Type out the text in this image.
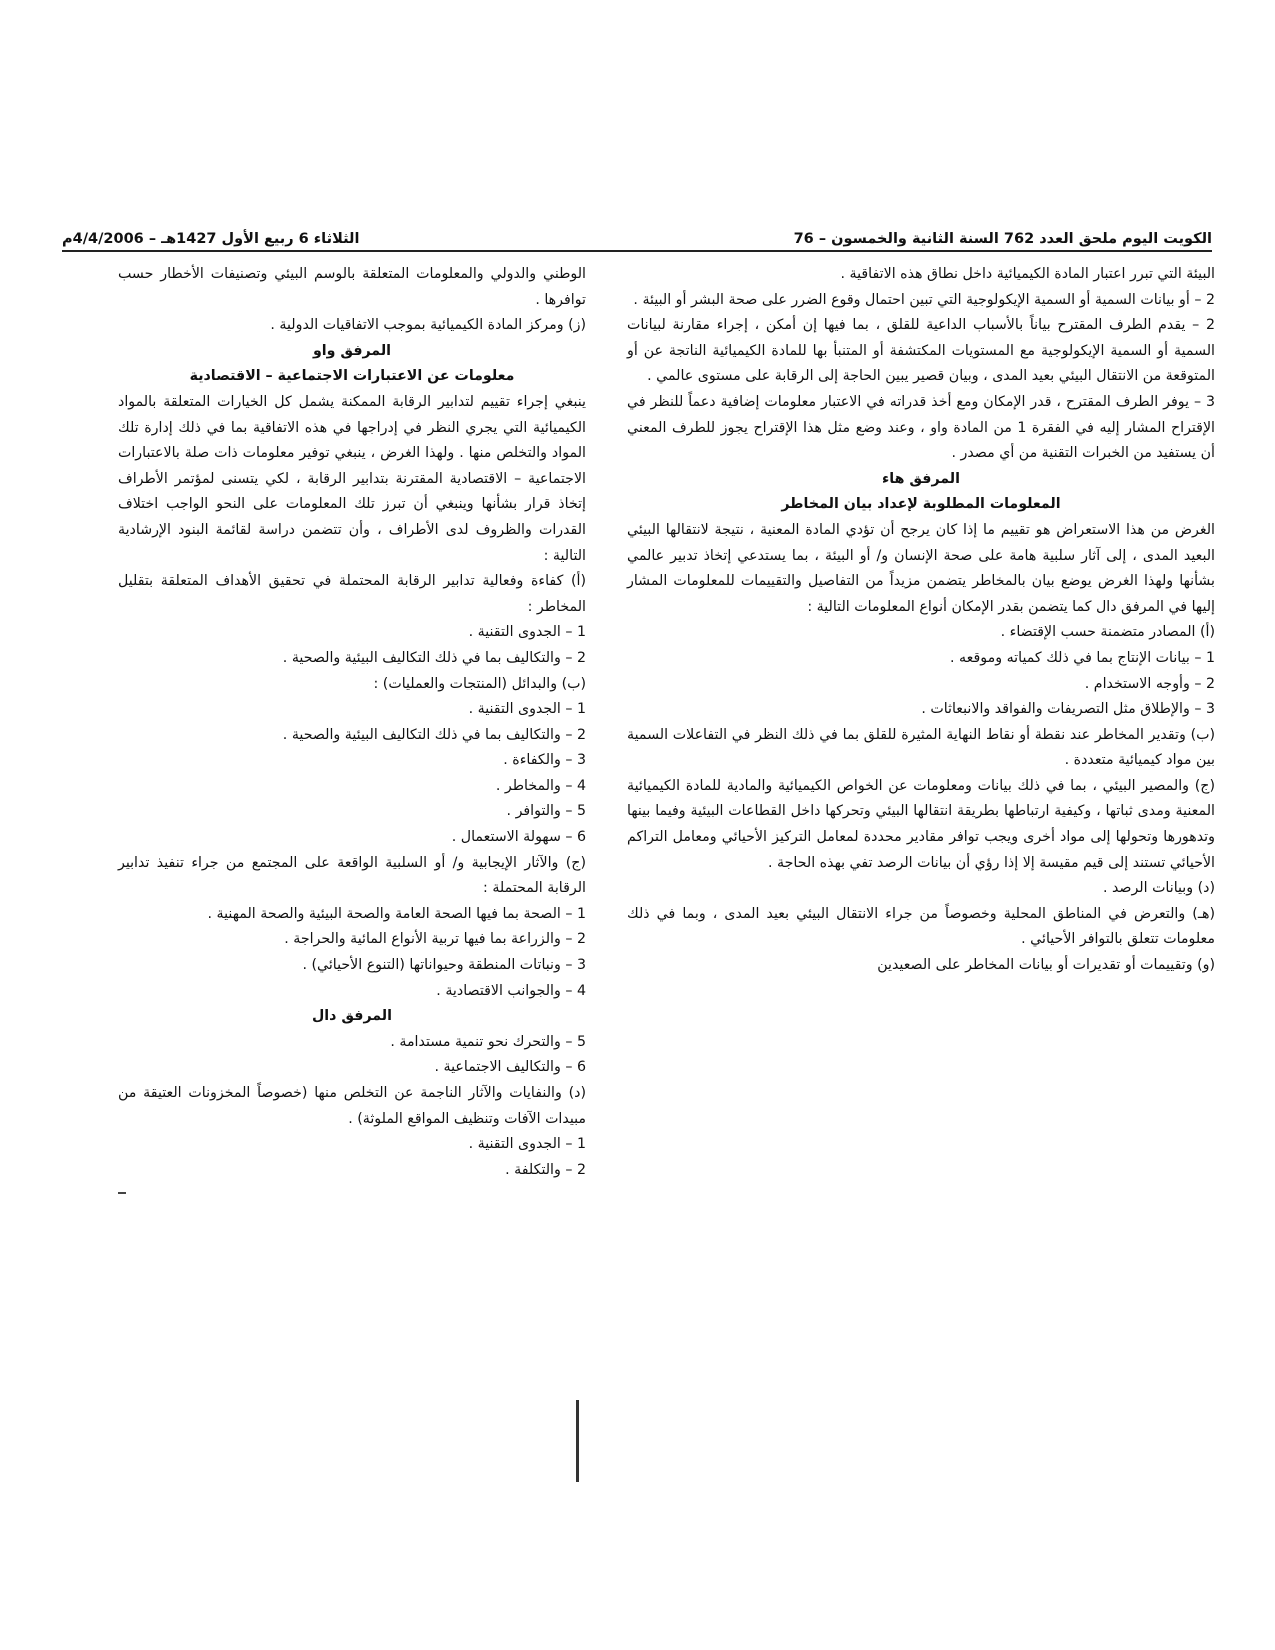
الكويت اليوم ملحق العدد 762 السنة الثانية والخمسون – 76
الثلاثاء 6 ربيع الأول 1427هـ – 4/4/2006م

البيئة التي تبرر اعتبار المادة الكيميائية داخل نطاق هذه الاتفاقية .

2 – أو بيانات السمية أو السمية الإيكولوجية التي تبين احتمال وقوع الضرر على صحة البشر أو البيئة .

2 – يقدم الطرف المقترح بياناً بالأسباب الداعية للقلق ، بما فيها إن أمكن ، إجراء مقارنة لبيانات السمية أو السمية الإيكولوجية مع المستويات المكتشفة أو المتنبأ بها للمادة الكيميائية الناتجة عن أو المتوقعة من الانتقال البيئي بعيد المدى ، وبيان قصير يبين الحاجة إلى الرقابة على مستوى عالمي .

3 – يوفر الطرف المقترح ، قدر الإمكان ومع أخذ قدراته في الاعتبار معلومات إضافية دعماً للنظر في الإقتراح المشار إليه في الفقرة 1 من المادة واو ، وعند وضع مثل هذا الإقتراح يجوز للطرف المعني أن يستفيد من الخبرات التقنية من أي مصدر .

المرفق هاء

المعلومات المطلوبة لإعداد بيان المخاطر

الغرض من هذا الاستعراض هو تقييم ما إذا كان يرجح أن تؤدي المادة المعنية ، نتيجة لانتقالها البيئي البعيد المدى ، إلى آثار سلبية هامة على صحة الإنسان و/ أو البيئة ، بما يستدعي إتخاذ تدبير عالمي بشأنها ولهذا الغرض يوضع بيان بالمخاطر يتضمن مزيداً من التفاصيل والتقييمات للمعلومات المشار إليها في المرفق دال كما يتضمن بقدر الإمكان أنواع المعلومات التالية :

(أ) المصادر متضمنة حسب الإقتضاء .

1 – بيانات الإنتاج بما في ذلك كمياته وموقعه .

2 – وأوجه الاستخدام .

3 – والإطلاق مثل التصريفات والفواقد والانبعاثات .

(ب) وتقدير المخاطر عند نقطة أو نقاط النهاية المثيرة للقلق بما في ذلك النظر في التفاعلات السمية بين مواد كيميائية متعددة .

(ج) والمصير البيئي ، بما في ذلك بيانات ومعلومات عن الخواص الكيميائية والمادية للمادة الكيميائية المعنية ومدى ثباتها ، وكيفية ارتباطها بطريقة انتقالها البيئي وتحركها داخل القطاعات البيئية وفيما بينها وتدهورها وتحولها إلى مواد أخرى ويجب توافر مقادير محددة لمعامل التركيز الأحيائي ومعامل التراكم الأحيائي تستند إلى قيم مقيسة إلا إذا رؤي أن بيانات الرصد تفي بهذه الحاجة .

(د) وبيانات الرصد .

(هـ) والتعرض في المناطق المحلية وخصوصاً من جراء الانتقال البيئي بعيد المدى ، وبما في ذلك معلومات تتعلق بالتوافر الأحيائي .

(و) وتقييمات أو تقديرات أو بيانات المخاطر على الصعيدين

الوطني والدولي والمعلومات المتعلقة بالوسم البيئي وتصنيفات الأخطار حسب توافرها .

(ز) ومركز المادة الكيميائية بموجب الاتفاقيات الدولية .

المرفق واو

معلومات عن الاعتبارات الاجتماعية – الاقتصادية

ينبغي إجراء تقييم لتدابير الرقابة الممكنة يشمل كل الخيارات المتعلقة بالمواد الكيميائية التي يجري النظر في إدراجها في هذه الاتفاقية بما في ذلك إدارة تلك المواد والتخلص منها . ولهذا الغرض ، ينبغي توفير معلومات ذات صلة بالاعتبارات الاجتماعية – الاقتصادية المقترنة بتدابير الرقابة ، لكي يتسنى لمؤتمر الأطراف إتخاذ قرار بشأنها وينبغي أن تبرز تلك المعلومات على النحو الواجب اختلاف القدرات والظروف لدى الأطراف ، وأن تتضمن دراسة لقائمة البنود الإرشادية التالية :

(أ) كفاءة وفعالية تدابير الرقابة المحتملة في تحقيق الأهداف المتعلقة بتقليل المخاطر :

1 – الجدوى التقنية .

2 – والتكاليف بما في ذلك التكاليف البيئية والصحية .

(ب) والبدائل (المنتجات والعمليات) :

1 – الجدوى التقنية .

2 – والتكاليف بما في ذلك التكاليف البيئية والصحية .

3 – والكفاءة .

4 – والمخاطر .

5 – والتوافر .

6 – سهولة الاستعمال .

(ج) والآثار الإيجابية و/ أو السلبية الواقعة على المجتمع من جراء تنفيذ تدابير الرقابة المحتملة :

1 – الصحة بما فيها الصحة العامة والصحة البيئية والصحة المهنية .

2 – والزراعة بما فيها تربية الأنواع المائية والحراجة .

3 – ونباتات المنطقة وحيواناتها (التنوع الأحيائي) .

4 – والجوانب الاقتصادية .

المرفق دال

5 – والتحرك نحو تنمية مستدامة .

6 – والتكاليف الاجتماعية .

(د) والنفايات والآثار الناجمة عن التخلص منها (خصوصاً المخزونات العتيقة من مبيدات الآفات وتنظيف المواقع الملوثة) .

1 – الجدوى التقنية .

2 – والتكلفة .
